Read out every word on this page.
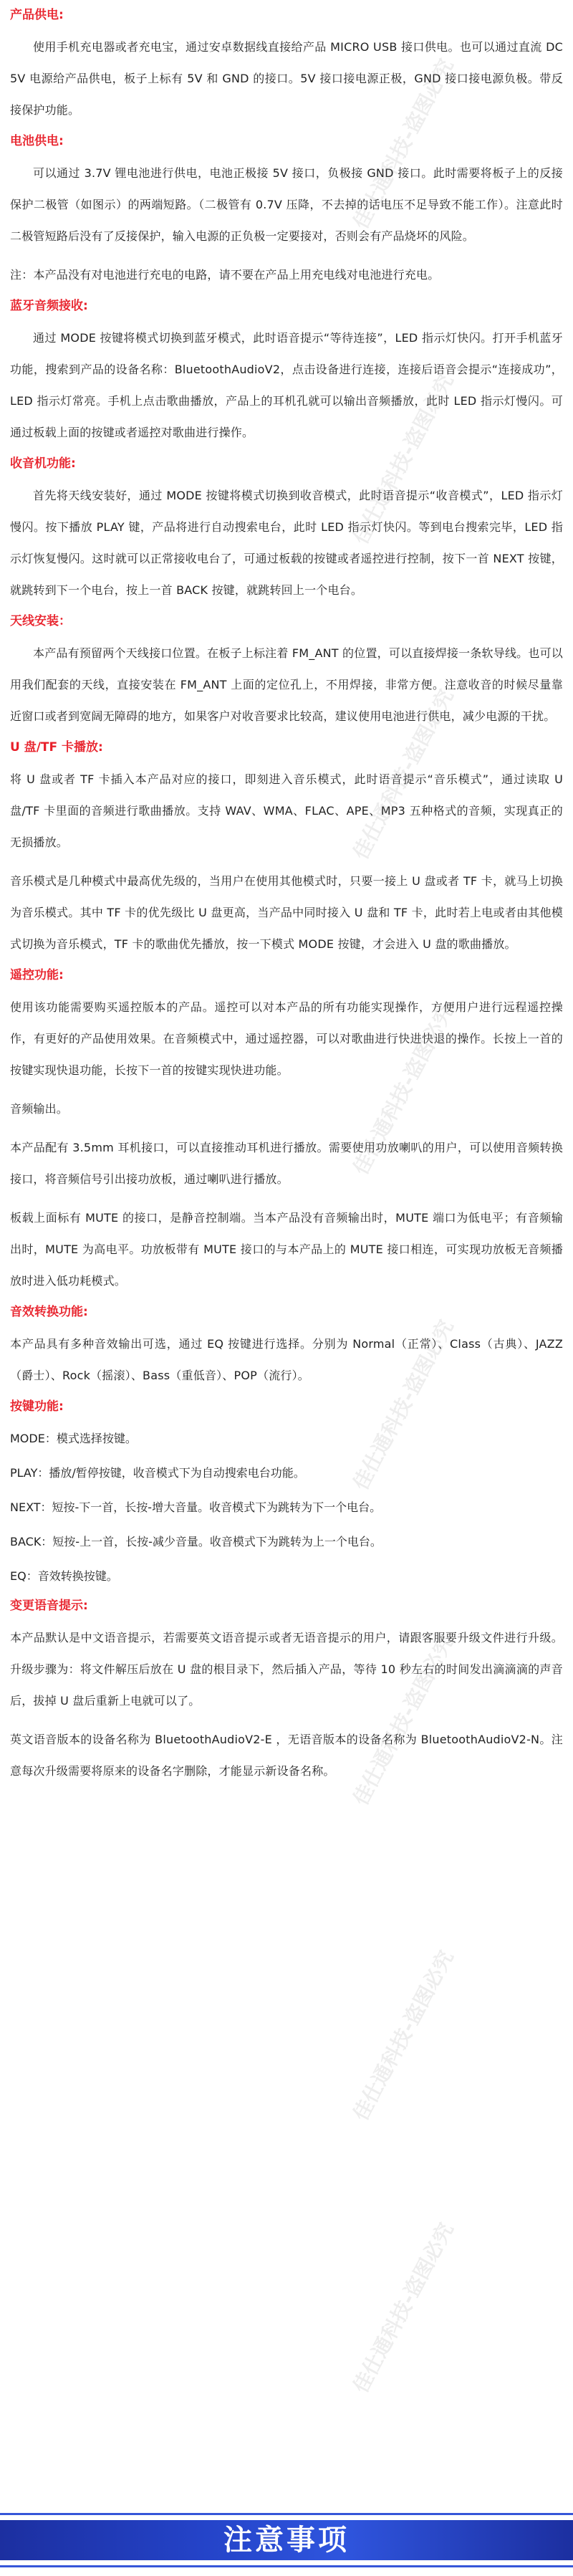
佳仕通科技-盗图必究
佳仕通科技-盗图必究
佳仕通科技-盗图必究
佳仕通科技-盗图必究
佳仕通科技-盗图必究
佳仕通科技-盗图必究
佳仕通科技-盗图必究
佳仕通科技-盗图必究
产品供电:

使用手机充电器或者充电宝，通过安卓数据线直接给产品 MICRO USB 接口供电。也可以通过直流 DC 5V 电源给产品供电，板子上标有 5V 和 GND 的接口。5V 接口接电源正极，GND 接口接电源负极。带反接保护功能。

电池供电:

可以通过 3.7V 锂电池进行供电，电池正极接 5V 接口，负极接 GND 接口。此时需要将板子上的反接保护二极管（如图示）的两端短路。（二极管有 0.7V 压降，不去掉的话电压不足导致不能工作）。注意此时二极管短路后没有了反接保护，输入电源的正负极一定要接对，否则会有产品烧坏的风险。

注：本产品没有对电池进行充电的电路，请不要在产品上用充电线对电池进行充电。

蓝牙音频接收:

通过 MODE 按键将模式切换到蓝牙模式，此时语音提示“等待连接”，LED 指示灯快闪。打开手机蓝牙功能，搜索到产品的设备名称：BluetoothAudioV2，点击设备进行连接，连接后语音会提示“连接成功”，LED 指示灯常亮。手机上点击歌曲播放，产品上的耳机孔就可以输出音频播放，此时 LED 指示灯慢闪。可通过板载上面的按键或者遥控对歌曲进行操作。

收音机功能:

首先将天线安装好，通过 MODE 按键将模式切换到收音模式，此时语音提示“收音模式”，LED 指示灯慢闪。按下播放 PLAY 键，产品将进行自动搜索电台，此时 LED 指示灯快闪。等到电台搜索完毕，LED 指示灯恢复慢闪。这时就可以正常接收电台了，可通过板载的按键或者遥控进行控制，按下一首 NEXT 按键，就跳转到下一个电台，按上一首 BACK 按键，就跳转回上一个电台。

天线安装：

本产品有预留两个天线接口位置。在板子上标注着 FM_ANT 的位置，可以直接焊接一条软导线。也可以用我们配套的天线，直接安装在 FM_ANT 上面的定位孔上，不用焊接，非常方便。注意收音的时候尽量靠近窗口或者到宽阔无障碍的地方，如果客户对收音要求比较高，建议使用电池进行供电，减少电源的干扰。

U 盘/TF 卡播放:

将 U 盘或者 TF 卡插入本产品对应的接口，即刻进入音乐模式，此时语音提示“音乐模式”，通过读取 U 盘/TF 卡里面的音频进行歌曲播放。支持 WAV、WMA、FLAC、APE、MP3 五种格式的音频，实现真正的无损播放。

音乐模式是几种模式中最高优先级的，当用户在使用其他模式时，只要一接上 U 盘或者 TF 卡，就马上切换为音乐模式。其中 TF 卡的优先级比 U 盘更高，当产品中同时接入 U 盘和 TF 卡，此时若上电或者由其他模式切换为音乐模式，TF 卡的歌曲优先播放，按一下模式 MODE 按键，才会进入 U 盘的歌曲播放。

遥控功能:

使用该功能需要购买遥控版本的产品。遥控可以对本产品的所有功能实现操作，方便用户进行远程遥控操作，有更好的产品使用效果。在音频模式中，通过遥控器，可以对歌曲进行快进快退的操作。长按上一首的按键实现快退功能，长按下一首的按键实现快进功能。

音频输出。

本产品配有 3.5mm 耳机接口，可以直接推动耳机进行播放。需要使用功放喇叭的用户，可以使用音频转换接口，将音频信号引出接功放板，通过喇叭进行播放。

板载上面标有 MUTE 的接口，是静音控制端。当本产品没有音频输出时，MUTE 端口为低电平；有音频输出时，MUTE 为高电平。功放板带有 MUTE 接口的与本产品上的 MUTE 接口相连，可实现功放板无音频播放时进入低功耗模式。

音效转换功能:

本产品具有多种音效输出可选，通过 EQ 按键进行选择。分别为 Normal（正常）、Class（古典）、JAZZ（爵士）、Rock（摇滚）、Bass（重低音）、POP（流行）。

按键功能:
MODE：模式选择按键。
PLAY：播放/暂停按键，收音模式下为自动搜索电台功能。
NEXT：短按-下一首，长按-增大音量。收音模式下为跳转为下一个电台。
BACK：短按-上一首，长按-减少音量。收音模式下为跳转为上一个电台。
EQ：音效转换按键。
变更语音提示:

本产品默认是中文语音提示，若需要英文语音提示或者无语音提示的用户，请跟客服要升级文件进行升级。升级步骤为：将文件解压后放在 U 盘的根目录下，然后插入产品，等待 10 秒左右的时间发出滴滴滴的声音后，拔掉 U 盘后重新上电就可以了。

英文语音版本的设备名称为 BluetoothAudioV2-E ，无语音版本的设备名称为 BluetoothAudioV2-N。注意每次升级需要将原来的设备名字删除，才能显示新设备名称。

注意事项
